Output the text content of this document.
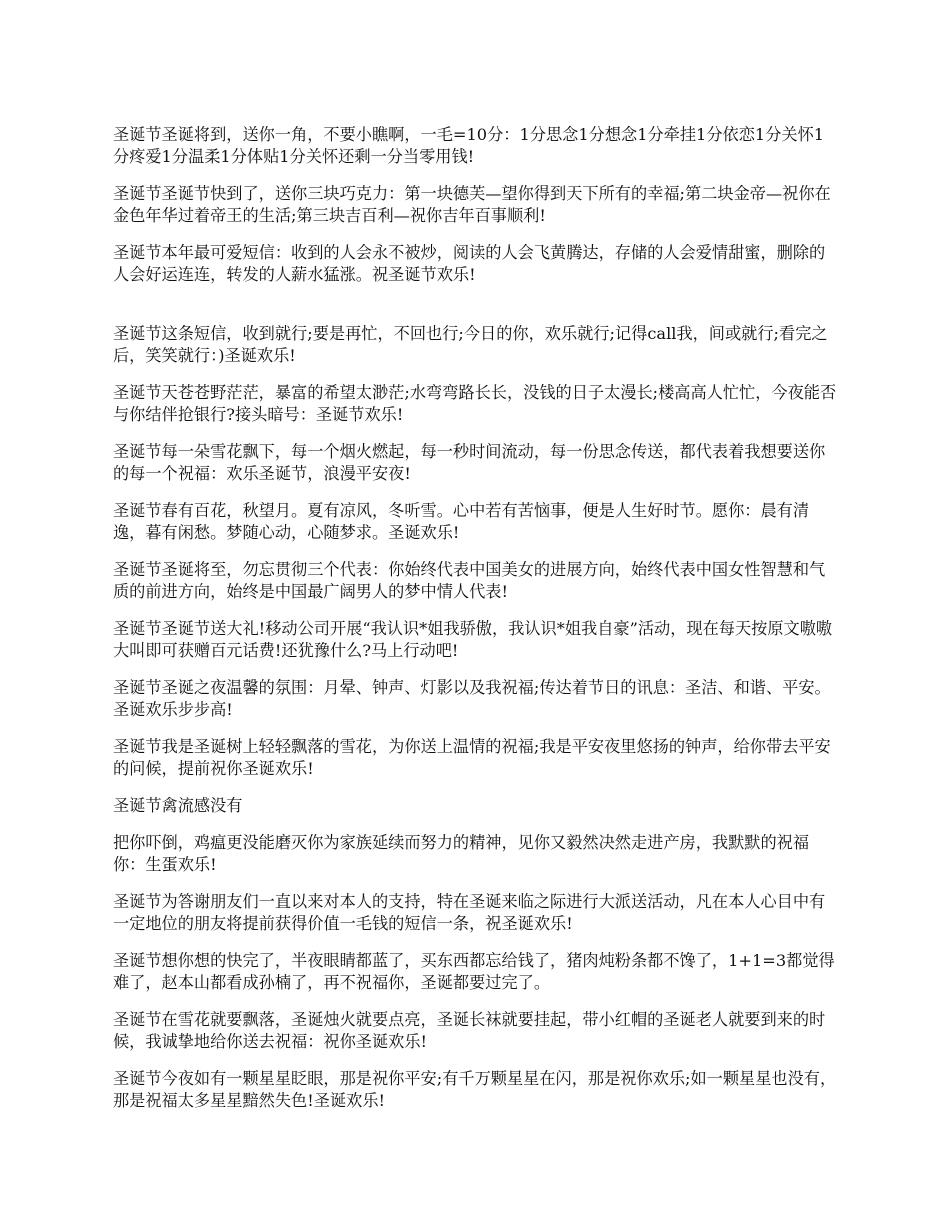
圣诞节圣诞将到，送你一角，不要小瞧啊，一毛=10分：1分思念1分想念1分牵挂1分依恋1分关怀1分疼爱1分温柔1分体贴1分关怀还剩一分当零用钱!

圣诞节圣诞节快到了，送你三块巧克力：第一块德芙—望你得到天下所有的幸福;第二块金帝—祝你在金色年华过着帝王的生活;第三块吉百利—祝你吉年百事顺利!

圣诞节本年最可爱短信：收到的人会永不被炒，阅读的人会飞黄腾达，存储的人会爱情甜蜜，删除的人会好运连连，转发的人薪水猛涨。祝圣诞节欢乐!

圣诞节这条短信，收到就行;要是再忙，不回也行;今日的你，欢乐就行;记得call我，间或就行;看完之后，笑笑就行：)圣诞欢乐!

圣诞节天苍苍野茫茫，暴富的希望太渺茫;水弯弯路长长，没钱的日子太漫长;楼高高人忙忙，今夜能否与你结伴抢银行?接头暗号：圣诞节欢乐!

圣诞节每一朵雪花飘下，每一个烟火燃起，每一秒时间流动，每一份思念传送，都代表着我想要送你的每一个祝福：欢乐圣诞节，浪漫平安夜!

圣诞节春有百花，秋望月。夏有凉风，冬听雪。心中若有苦恼事，便是人生好时节。愿你：晨有清逸，暮有闲愁。梦随心动，心随梦求。圣诞欢乐!

圣诞节圣诞将至，勿忘贯彻三个代表：你始终代表中国美女的进展方向，始终代表中国女性智慧和气质的前进方向，始终是中国最广阔男人的梦中情人代表!

圣诞节圣诞节送大礼!移动公司开展“我认识*姐我骄傲，我认识*姐我自豪”活动，现在每天按原文嗷嗷大叫即可获赠百元话费!还犹豫什么?马上行动吧!

圣诞节圣诞之夜温馨的氛围：月晕、钟声、灯影以及我祝福;传达着节日的讯息：圣洁、和谐、平安。圣诞欢乐步步高!

圣诞节我是圣诞树上轻轻飘落的雪花，为你送上温情的祝福;我是平安夜里悠扬的钟声，给你带去平安的问候，提前祝你圣诞欢乐!

圣诞节禽流感没有

把你吓倒，鸡瘟更没能磨灭你为家族延续而努力的精神，见你又毅然决然走进产房，我默默的祝福你：生蛋欢乐!

圣诞节为答谢朋友们一直以来对本人的支持，特在圣诞来临之际进行大派送活动，凡在本人心目中有一定地位的朋友将提前获得价值一毛钱的短信一条，祝圣诞欢乐!

圣诞节想你想的快完了，半夜眼睛都蓝了，买东西都忘给钱了，猪肉炖粉条都不馋了，1+1=3都觉得难了，赵本山都看成孙楠了，再不祝福你，圣诞都要过完了。

圣诞节在雪花就要飘落，圣诞烛火就要点亮，圣诞长袜就要挂起，带小红帽的圣诞老人就要到来的时候，我诚挚地给你送去祝福：祝你圣诞欢乐!

圣诞节今夜如有一颗星星眨眼，那是祝你平安;有千万颗星星在闪，那是祝你欢乐;如一颗星星也没有，那是祝福太多星星黯然失色!圣诞欢乐!
